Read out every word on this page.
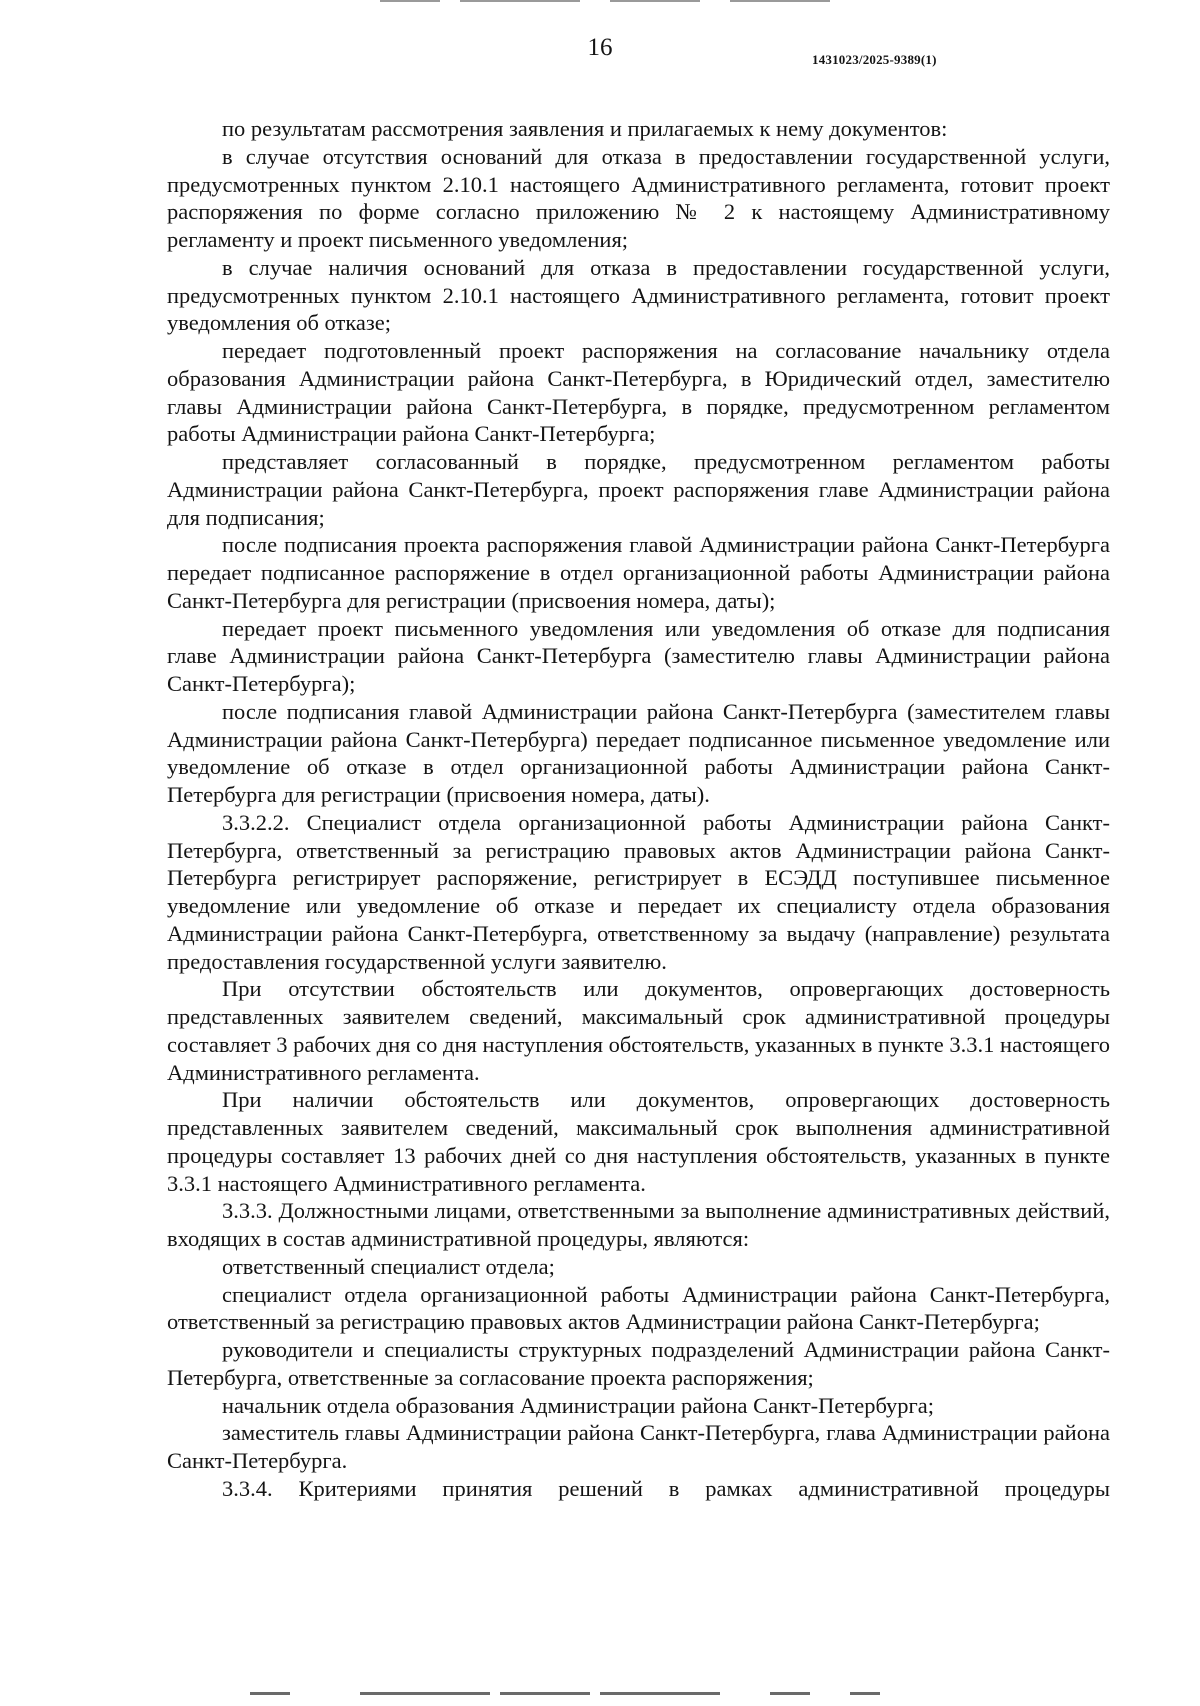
16	1431023/2025-9389(1)

по результатам рассмотрения заявления и прилагаемых к нему документов:

в случае отсутствия оснований для отказа в предоставлении государственной услуги, предусмотренных пунктом 2.10.1 настоящего Административного регламента, готовит проект распоряжения по форме согласно приложению № 2 к настоящему Административному регламенту и проект письменного уведомления;

в случае наличия оснований для отказа в предоставлении государственной услуги, предусмотренных пунктом 2.10.1 настоящего Административного регламента, готовит проект уведомления об отказе;

передает подготовленный проект распоряжения на согласование начальнику отдела образования Администрации района Санкт-Петербурга, в Юридический отдел, заместителю главы Администрации района Санкт-Петербурга, в порядке, предусмотренном регламентом работы Администрации района Санкт-Петербурга;

представляет согласованный в порядке, предусмотренном регламентом работы Администрации района Санкт-Петербурга, проект распоряжения главе Администрации района для подписания;

после подписания проекта распоряжения главой Администрации района Санкт-Петербурга передает подписанное распоряжение в отдел организационной работы Администрации района Санкт-Петербурга для регистрации (присвоения номера, даты);

передает проект письменного уведомления или уведомления об отказе для подписания главе Администрации района Санкт-Петербурга (заместителю главы Администрации района Санкт-Петербурга);

после подписания главой Администрации района Санкт-Петербурга (заместителем главы Администрации района Санкт-Петербурга) передает подписанное письменное уведомление или уведомление об отказе в отдел организационной работы Администрации района Санкт-Петербурга для регистрации (присвоения номера, даты).

3.3.2.2. Специалист отдела организационной работы Администрации района Санкт-Петербурга, ответственный за регистрацию правовых актов Администрации района Санкт-Петербурга регистрирует распоряжение, регистрирует в ЕСЭДД поступившее письменное уведомление или уведомление об отказе и передает их специалисту отдела образования Администрации района Санкт-Петербурга, ответственному за выдачу (направление) результата предоставления государственной услуги заявителю.

При отсутствии обстоятельств или документов, опровергающих достоверность представленных заявителем сведений, максимальный срок административной процедуры составляет 3 рабочих дня со дня наступления обстоятельств, указанных в пункте 3.3.1 настоящего Административного регламента.

При наличии обстоятельств или документов, опровергающих достоверность представленных заявителем сведений, максимальный срок выполнения административной процедуры составляет 13 рабочих дней со дня наступления обстоятельств, указанных в пункте 3.3.1 настоящего Административного регламента.

3.3.3. Должностными лицами, ответственными за выполнение административных действий, входящих в состав административной процедуры, являются:

ответственный специалист отдела;

специалист отдела организационной работы Администрации района Санкт-Петербурга, ответственный за регистрацию правовых актов Администрации района Санкт-Петербурга;

руководители и специалисты структурных подразделений Администрации района Санкт-Петербурга, ответственные за согласование проекта распоряжения;

начальник отдела образования Администрации района Санкт-Петербурга;

заместитель главы Администрации района Санкт-Петербурга, глава Администрации района Санкт-Петербурга.

3.3.4. Критериями принятия решений в рамках административной процедуры
